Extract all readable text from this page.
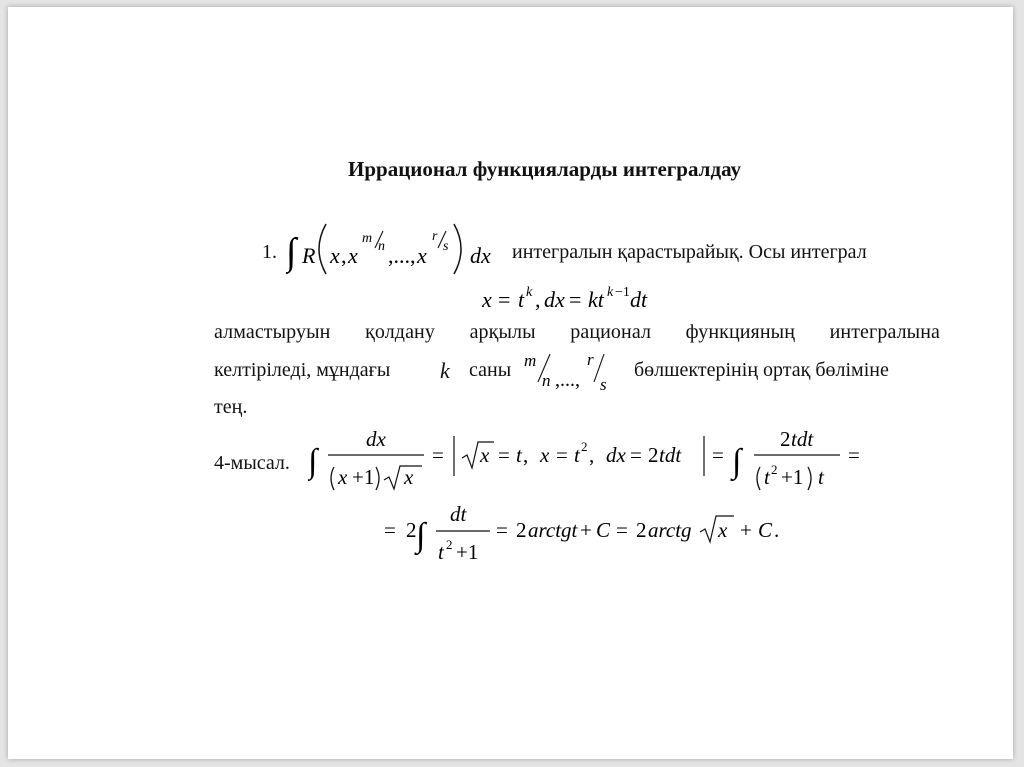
Иррационал функцияларды интегралдау
1. ∫ R x , x
m
n ,..., x
r
s dx интегралын қарастырайық. Осы интеграл
x = t k , dx = kt k −1 dt
алмастыруын қолдану арқылы рационал функцияның интегралына
келтіріледі, мұндағы k саны m
n ,...,
r
s
бөлшектерінің ортақ бөліміне
тең.
4-мысал. ∫
dx
x +1 x
= x = t , x = t 2 , dx = 2 tdt = ∫
2 tdt
t 2 +1 t
=
= 2 ∫
dt
t 2 +1
= 2 arctgt + C = 2 arctg x + C .
